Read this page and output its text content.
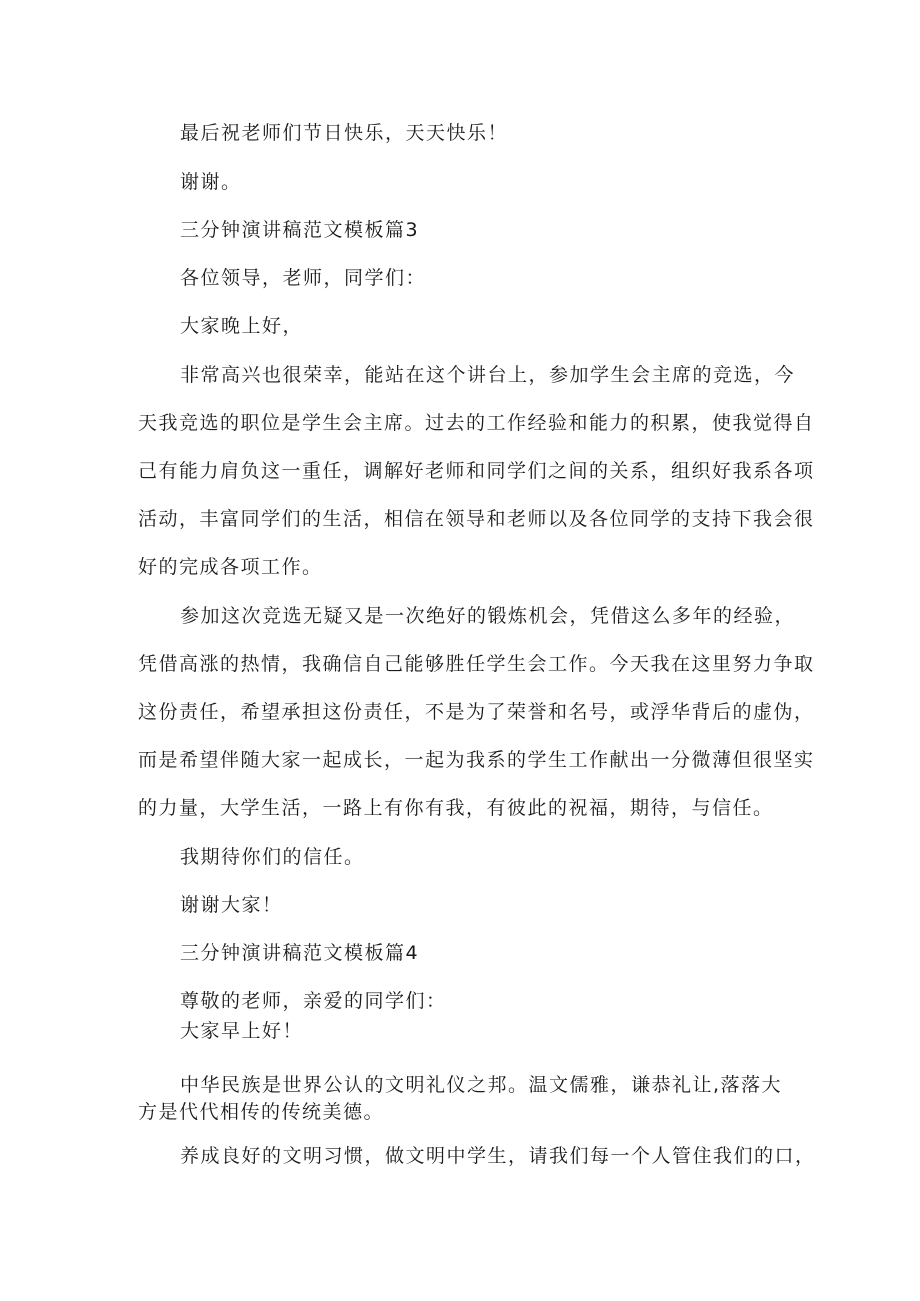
最后祝老师们节日快乐，天天快乐！
谢谢。
三分钟演讲稿范文模板篇3
各位领导，老师，同学们：
大家晚上好，
非常高兴也很荣幸，能站在这个讲台上，参加学生会主席的竞选，今
天我竞选的职位是学生会主席。过去的工作经验和能力的积累，使我觉得自
己有能力肩负这一重任，调解好老师和同学们之间的关系，组织好我系各项
活动，丰富同学们的生活，相信在领导和老师以及各位同学的支持下我会很
好的完成各项工作。
参加这次竞选无疑又是一次绝好的锻炼机会，凭借这么多年的经验，
凭借高涨的热情，我确信自己能够胜任学生会工作。今天我在这里努力争取
这份责任，希望承担这份责任，不是为了荣誉和名号，或浮华背后的虚伪，
而是希望伴随大家一起成长，一起为我系的学生工作献出一分微薄但很坚实
的力量，大学生活，一路上有你有我，有彼此的祝福，期待，与信任。
我期待你们的信任。
谢谢大家！
三分钟演讲稿范文模板篇4
尊敬的老师，亲爱的同学们：
大家早上好！
中华民族是世界公认的文明礼仪之邦。温文儒雅，谦恭礼让,落落大
方是代代相传的传统美德。
养成良好的文明习惯，做文明中学生，请我们每一个人管住我们的口，
